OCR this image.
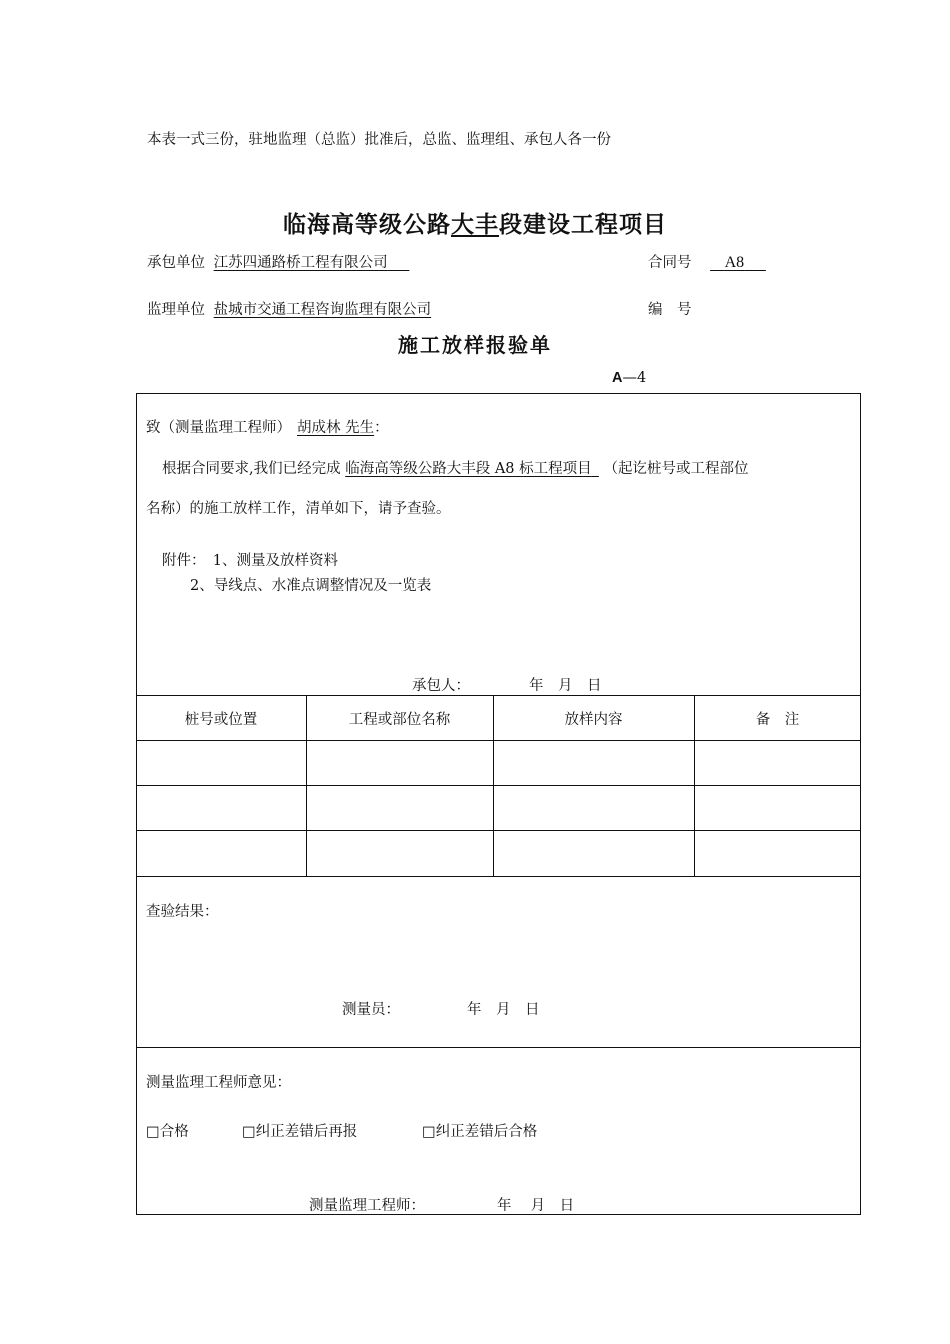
本表一式三份，驻地监理（总监）批准后，总监、监理组、承包人各一份
临海高等级公路大丰段建设工程项目
承包单位 江苏四通路桥工程有限公司  	合同号   A8  
监理单位 盐城市交通工程咨询监理有限公司	编　号
施工放样报验单
A—4
致（测量监理工程师） 胡成林 先生：
根据合同要求,我们已经完成 临海高等级公路大丰段 A8 标工程项目  （起讫桩号或工程部位
名称）的施工放样工作，清单如下，请予查验。
附件：  1、测量及放样资料
2、导线点、水准点调整情况及一览表
承包人：	年　月　日
桩号或位置	工程或部位名称	放样内容	备　注
查验结果：
测量员：	年　月　日
测量监理工程师意见：
□合格	□纠正差错后再报	□纠正差错后合格
测量监理工程师：	年　 月　日
